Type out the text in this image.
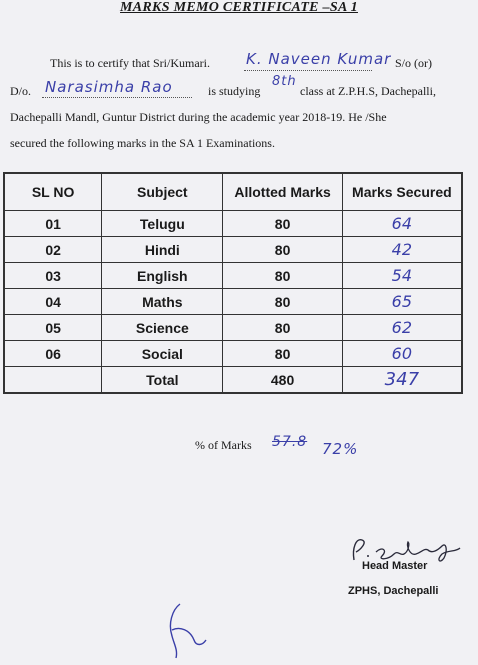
MARKS MEMO CERTIFICATE –SA 1
This is to certify that Sri/Kumari. K. Naveen Kumar S/o (or)
D/o. Narasimha Rao	is studying
8th
class at Z.P.H.S, Dachepalli,
Dachepalli Mandl, Guntur District during the academic year 2018-19. He /She
secured the following marks in the SA 1 Examinations.
SL NO	Subject	Allotted Marks	Marks Secured
01	Telugu	80	64
02	Hindi	80	42
03	English	80	54
04	Maths	80	65
05	Science	80	62
06	Social	80	60
	Total	480	347
% of Marks 57.8 72%
Head Master
ZPHS, Dachepalli
